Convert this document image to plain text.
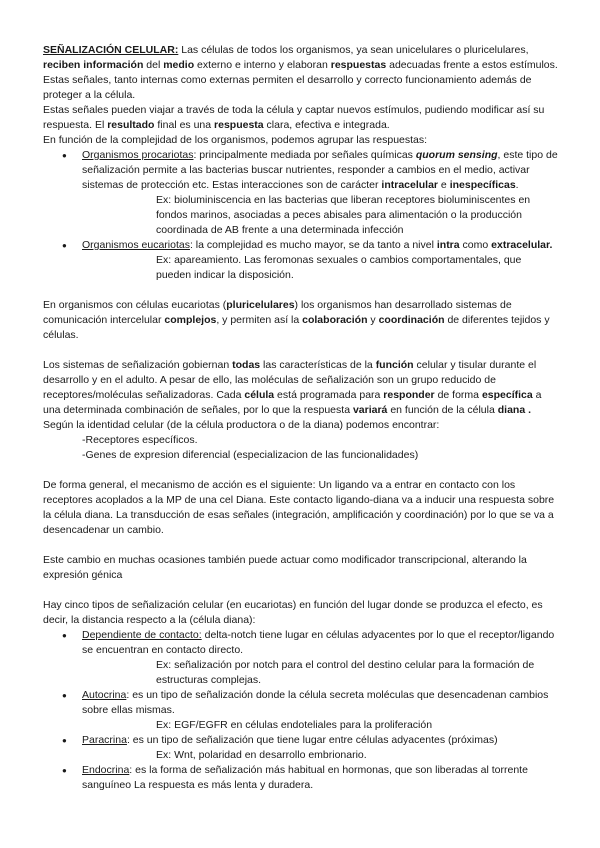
SEÑALIZACIÓN CELULAR: Las células de todos los organismos, ya sean unicelulares o pluricelulares, reciben información del medio externo e interno y elaboran respuestas adecuadas frente a estos estímulos. Estas señales, tanto internas como externas permiten el desarrollo y correcto funcionamiento además de proteger a la célula.

Estas señales pueden viajar a través de toda la célula y captar nuevos estímulos, pudiendo modificar así su respuesta. El resultado final es una respuesta clara, efectiva e integrada.

En función de la complejidad de los organismos, podemos agrupar las respuestas:

● Organismos procariotas: principalmente mediada por señales químicas quorum sensing, este tipo de señalización permite a las bacterias buscar nutrientes, responder a cambios en el medio, activar sistemas de protección etc. Estas interacciones son de carácter intracelular e inespecíficas.

Ex: bioluminiscencia en las bacterias que liberan receptores bioluminiscentes en fondos marinos, asociadas a peces abisales para alimentación o la producción coordinada de AB frente a una determinada infección

● Organismos eucariotas: la complejidad es mucho mayor, se da tanto a nivel intra como extracelular.

Ex: apareamiento. Las feromonas sexuales o cambios comportamentales, que pueden indicar la disposición.

En organismos con células eucariotas (pluricelulares) los organismos han desarrollado sistemas de comunicación intercelular complejos, y permiten así la colaboración y coordinación de diferentes tejidos y células.

Los sistemas de señalización gobiernan todas las características de la función celular y tisular durante el desarrollo y en el adulto. A pesar de ello, las moléculas de señalización son un grupo reducido de receptores/moléculas señalizadoras. Cada célula está programada para responder de forma específica a una determinada combinación de señales, por lo que la respuesta variará en función de la célula diana . Según la identidad celular (de la célula productora o de la diana) podemos encontrar:

-Receptores específicos.

-Genes de expresion diferencial (especializacion de las funcionalidades)

De forma general, el mecanismo de acción es el siguiente: Un ligando va a entrar en contacto con los receptores acoplados a la MP de una cel Diana. Este contacto ligando-diana va a inducir una respuesta sobre la célula diana. La transducción de esas señales (integración, amplificación y coordinación) por lo que se va a desencadenar un cambio.

Este cambio en muchas ocasiones también puede actuar como modificador transcripcional, alterando la expresión génica

Hay cinco tipos de señalización celular (en eucariotas) en función del lugar donde se produzca el efecto, es decir, la distancia respecto a la (célula diana):

● Dependiente de contacto: delta-notch tiene lugar en células adyacentes por lo que el receptor/ligando se encuentran en contacto directo.

Ex: señalización por notch para el control del destino celular para la formación de estructuras complejas.

● Autocrina: es un tipo de señalización donde la célula secreta moléculas que desencadenan cambios sobre ellas mismas.

Ex: EGF/EGFR en células endoteliales para la proliferación

● Paracrina: es un tipo de señalización que tiene lugar entre células adyacentes (próximas)

Ex: Wnt, polaridad en desarrollo embrionario.

● Endocrina: es la forma de señalización más habitual en hormonas, que son liberadas al torrente sanguíneo La respuesta es más lenta y duradera.
